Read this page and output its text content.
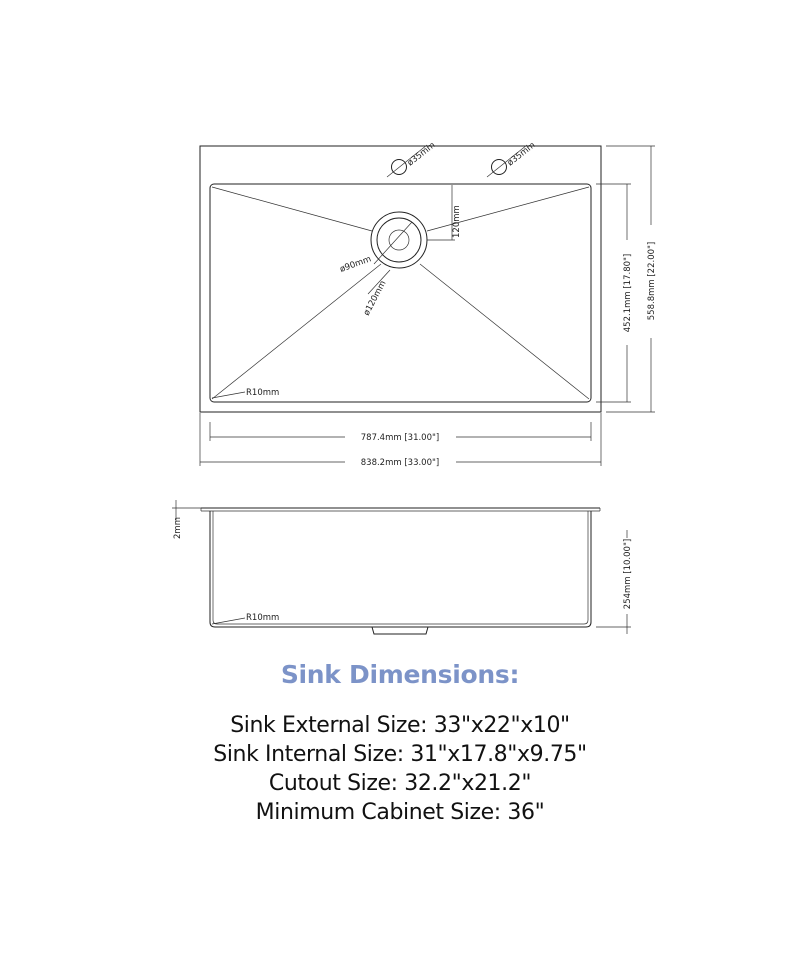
ø35mm	ø35mm
ø90mm
ø120mm
120mm
R10mm
787.4mm [31.00"]
838.2mm [33.00"]
452.1mm [17.80"] 558.8mm [22.00"]
2mm
R10mm
254mm [10.00"]
Sink Dimensions:
Sink External Size: 33"x22"x10"
Sink Internal Size: 31"x17.8"x9.75"
Cutout Size: 32.2"x21.2"
Minimum Cabinet Size: 36"
